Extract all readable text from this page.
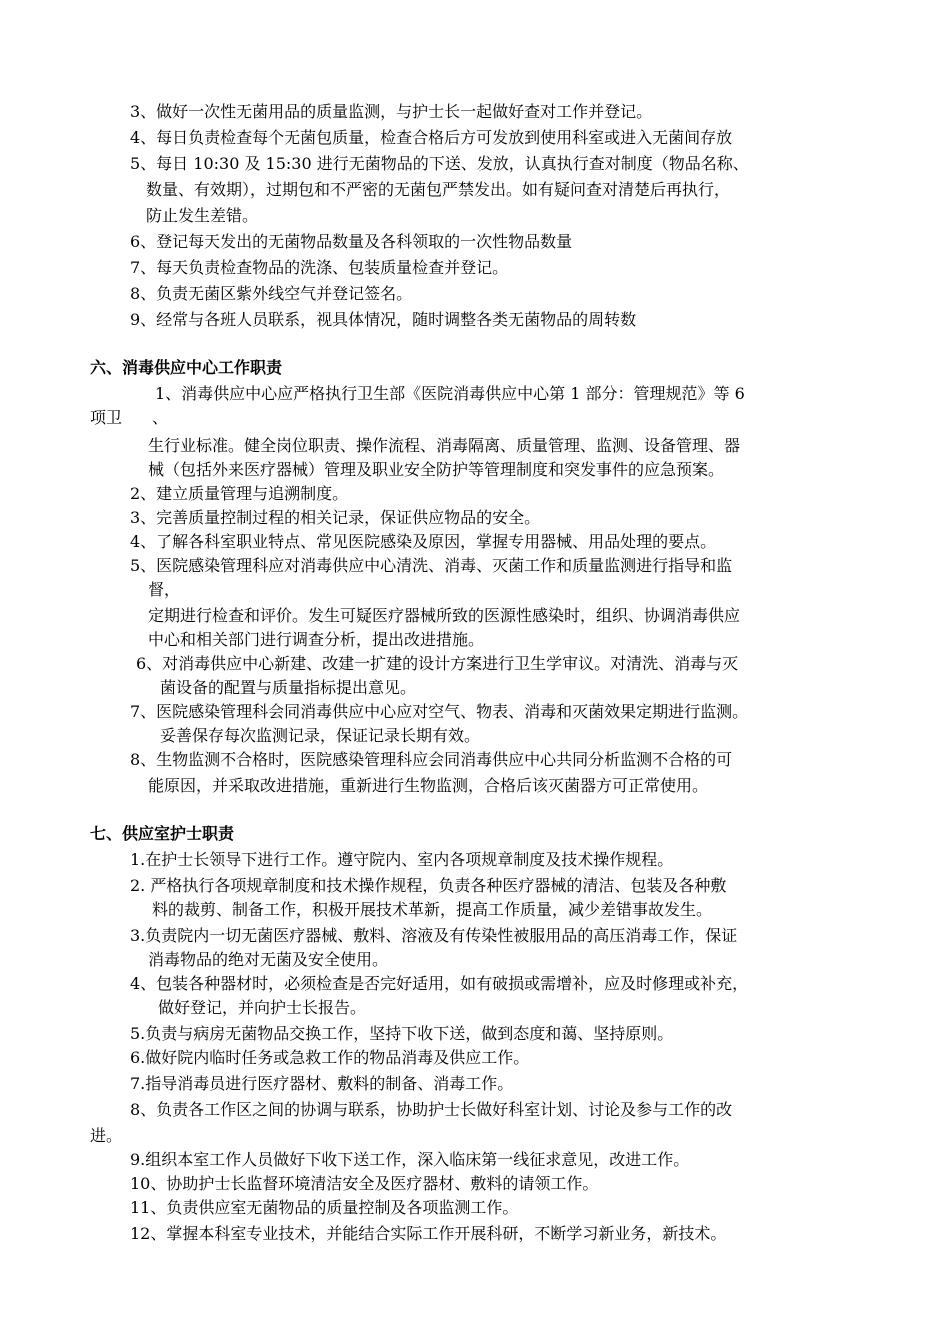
3、做好一次性无菌用品的质量监测，与护士长一起做好查对工作并登记。

4、每日负责检查每个无菌包质量，检查合格后方可发放到使用科室或进入无菌间存放

5、每日 10:30 及 15:30 进行无菌物品的下送、发放，认真执行查对制度（物品名称、

数量、有效期），过期包和不严密的无菌包严禁发出。如有疑问查对清楚后再执行，

防止发生差错。

6、登记每天发出的无菌物品数量及各科领取的一次性物品数量

7、每天负责检查物品的洗涤、包装质量检查并登记。

8、负责无菌区紫外线空气并登记签名。

9、经常与各班人员联系，视具体情况，随时调整各类无菌物品的周转数

六、消毒供应中心工作职责

1、消毒供应中心应严格执行卫生部《医院消毒供应中心第 1 部分：管理规范》等 6

项卫 、

生行业标准。健全岗位职责、操作流程、消毒隔离、质量管理、监测、设备管理、器

械（包括外来医疗器械）管理及职业安全防护等管理制度和突发事件的应急预案。

2、建立质量管理与追溯制度。

3、完善质量控制过程的相关记录，保证供应物品的安全。

4、了解各科室职业特点、常见医院感染及原因，掌握专用器械、用品处理的要点。

5、医院感染管理科应对消毒供应中心清洗、消毒、灭菌工作和质量监测进行指导和监

督，

定期进行检查和评价。发生可疑医疗器械所致的医源性感染时，组织、协调消毒供应

中心和相关部门进行调查分析，提出改进措施。

6、对消毒供应中心新建、改建一扩建的设计方案进行卫生学审议。对清洗、消毒与灭

菌设备的配置与质量指标提出意见。

7、医院感染管理科会同消毒供应中心应对空气、物表、消毒和灭菌效果定期进行监测。

妥善保存每次监测记录，保证记录长期有效。

8、生物监测不合格时，医院感染管理科应会同消毒供应中心共同分析监测不合格的可

能原因，并采取改进措施，重新进行生物监测，合格后该灭菌器方可正常使用。

七、供应室护士职责

1.在护士长领导下进行工作。遵守院内、室内各项规章制度及技术操作规程。

2. 严格执行各项规章制度和技术操作规程，负责各种医疗器械的清洁、包装及各种敷

料的裁剪、制备工作，积极开展技术革新，提高工作质量，减少差错事故发生。

3.负责院内一切无菌医疗器械、敷料、溶液及有传染性被服用品的高压消毒工作，保证

消毒物品的绝对无菌及安全使用。

4、包装各种器材时，必须检查是否完好适用，如有破损或需增补，应及时修理或补充，

做好登记，并向护士长报告。

5.负责与病房无菌物品交换工作，坚持下收下送，做到态度和蔼、坚持原则。

6.做好院内临时任务或急救工作的物品消毒及供应工作。

7.指导消毒员进行医疗器材、敷料的制备、消毒工作。

8、负责各工作区之间的协调与联系，协助护士长做好科室计划、讨论及参与工作的改

进。

9.组织本室工作人员做好下收下送工作，深入临床第一线征求意见，改进工作。

10、协助护士长监督环境清洁安全及医疗器材、敷料的请领工作。

11、负责供应室无菌物品的质量控制及各项监测工作。

12、掌握本科室专业技术，并能结合实际工作开展科研，不断学习新业务，新技术。
